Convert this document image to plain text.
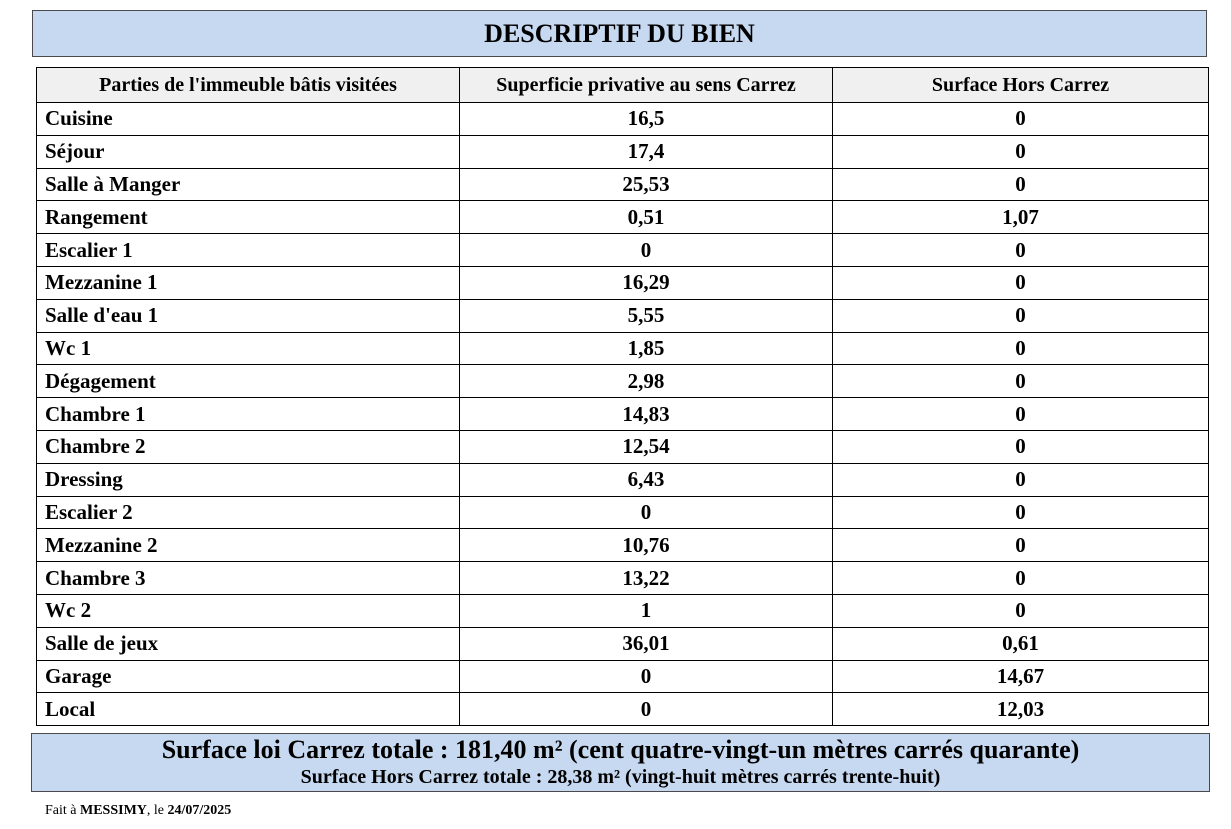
DESCRIPTIF DU BIEN
Parties de l'immeuble bâtis visitées	Superficie privative au sens Carrez	Surface Hors Carrez
Cuisine	16,5	0
Séjour	17,4	0
Salle à Manger	25,53	0
Rangement	0,51	1,07
Escalier 1	0	0
Mezzanine 1	16,29	0
Salle d'eau 1	5,55	0
Wc 1	1,85	0
Dégagement	2,98	0
Chambre 1	14,83	0
Chambre 2	12,54	0
Dressing	6,43	0
Escalier 2	0	0
Mezzanine 2	10,76	0
Chambre 3	13,22	0
Wc 2	1	0
Salle de jeux	36,01	0,61
Garage	0	14,67
Local	0	12,03
Surface loi Carrez totale : 181,40 m² (cent quatre-vingt-un mètres carrés quarante)
Surface Hors Carrez totale : 28,38 m² (vingt-huit mètres carrés trente-huit)
Fait à MESSIMY, le 24/07/2025
